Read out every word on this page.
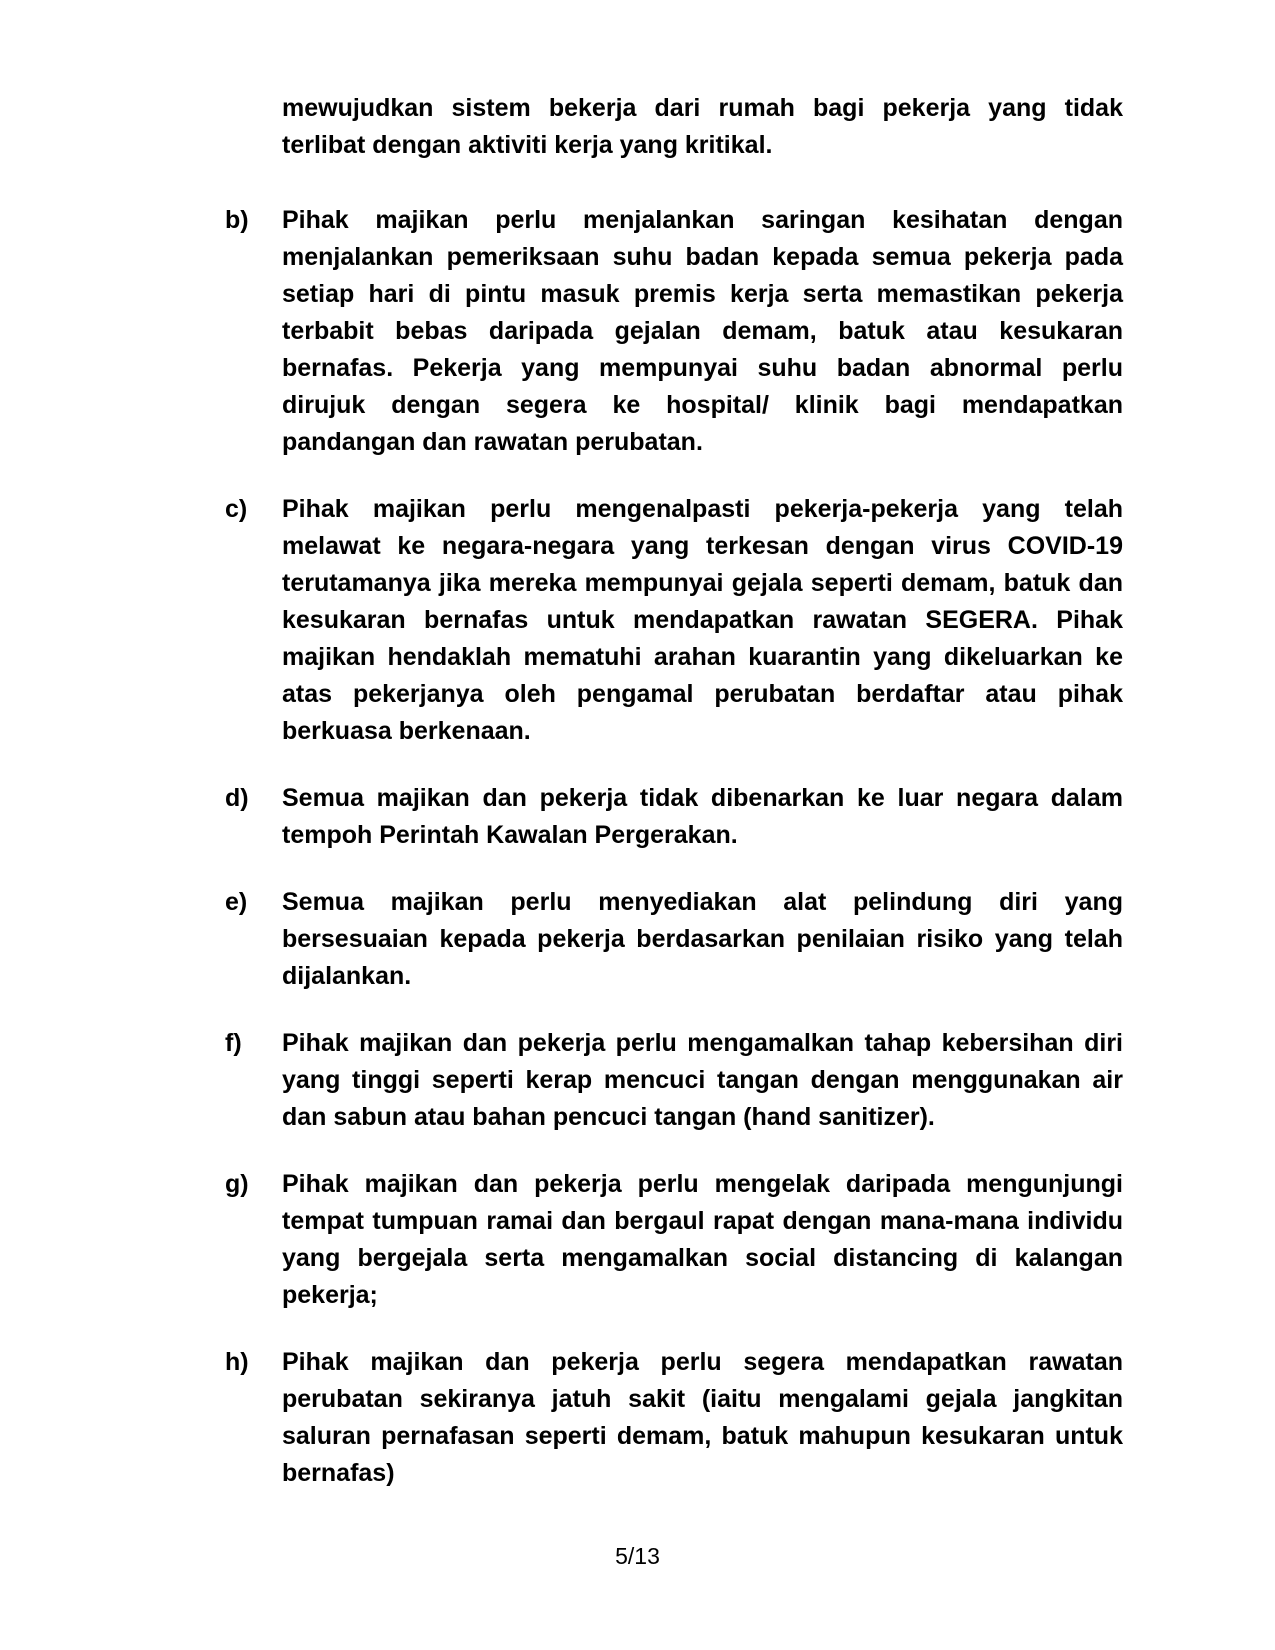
mewujudkan sistem bekerja dari rumah bagi pekerja yang tidak terlibat dengan aktiviti kerja yang kritikal.

b)	Pihak majikan perlu menjalankan saringan kesihatan dengan menjalankan pemeriksaan suhu badan kepada semua pekerja pada setiap hari di pintu masuk premis kerja serta memastikan pekerja terbabit bebas daripada gejalan demam, batuk atau kesukaran bernafas. Pekerja yang mempunyai suhu badan abnormal perlu dirujuk dengan segera ke hospital/ klinik bagi mendapatkan pandangan dan rawatan perubatan.

c)	Pihak majikan perlu mengenalpasti pekerja-pekerja yang telah melawat ke negara-negara yang terkesan dengan virus COVID-19 terutamanya jika mereka mempunyai gejala seperti demam, batuk dan kesukaran bernafas untuk mendapatkan rawatan SEGERA. Pihak majikan hendaklah mematuhi arahan kuarantin yang dikeluarkan ke atas pekerjanya oleh pengamal perubatan berdaftar atau pihak berkuasa berkenaan.

d)	Semua majikan dan pekerja tidak dibenarkan ke luar negara dalam tempoh Perintah Kawalan Pergerakan.

e)	Semua majikan perlu menyediakan alat pelindung diri yang bersesuaian kepada pekerja berdasarkan penilaian risiko yang telah dijalankan.

f)	Pihak majikan dan pekerja perlu mengamalkan tahap kebersihan diri yang tinggi seperti kerap mencuci tangan dengan menggunakan air dan sabun atau bahan pencuci tangan (hand sanitizer).

g)	Pihak majikan dan pekerja perlu mengelak daripada mengunjungi tempat tumpuan ramai dan bergaul rapat dengan mana-mana individu yang bergejala serta mengamalkan social distancing di kalangan pekerja;

h)	Pihak majikan dan pekerja perlu segera mendapatkan rawatan perubatan sekiranya jatuh sakit (iaitu mengalami gejala jangkitan saluran pernafasan seperti demam, batuk mahupun kesukaran untuk bernafas)

5/13
